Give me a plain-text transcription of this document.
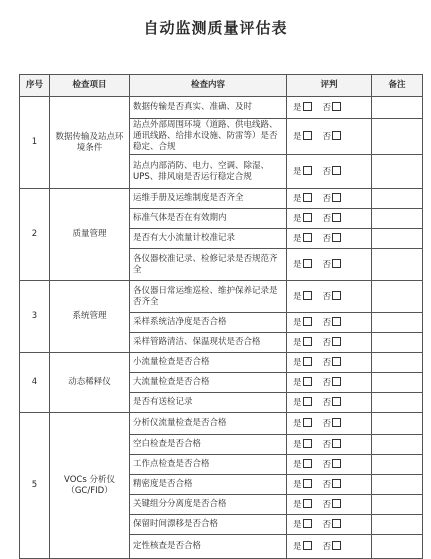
自动监测质量评估表
序号	检查项目	检查内容	评判	备注
1	数据传输及站点环境条件	数据传输是否真实、准确、及时	是 否	
		站点外部周围环境（道路、供电线路、通讯线路、给排水设施、防雷等）是否稳定、合规	是 否	
		站点内部消防、电力、空调、除湿、UPS、排风扇是否运行稳定合规	是 否	
2	质量管理	运维手册及运维制度是否齐全	是 否	
		标准气体是否在有效期内	是 否	
		是否有大小流量计校准记录	是 否	
		各仪器校准记录、检修记录是否规范齐全	是 否	
3	系统管理	各仪器日常运维巡检、维护保养记录是否齐全	是 否	
		采样系统洁净度是否合格	是 否	
		采样管路清洁、保温现状是否合格	是 否	
4	动态稀释仪	小流量检查是否合格	是 否	
		大流量检查是否合格	是 否	
		是否有送检记录	是 否	
5	VOCs 分析仪（GC/FID）	分析仪流量检查是否合格	是 否	
		空白检查是否合格	是 否	
		工作点检查是否合格	是 否	
		精密度是否合格	是 否	
		关键组分分离度是否合格	是 否	
		保留时间漂移是否合格	是 否	
		定性核查是否合格	是 否	
